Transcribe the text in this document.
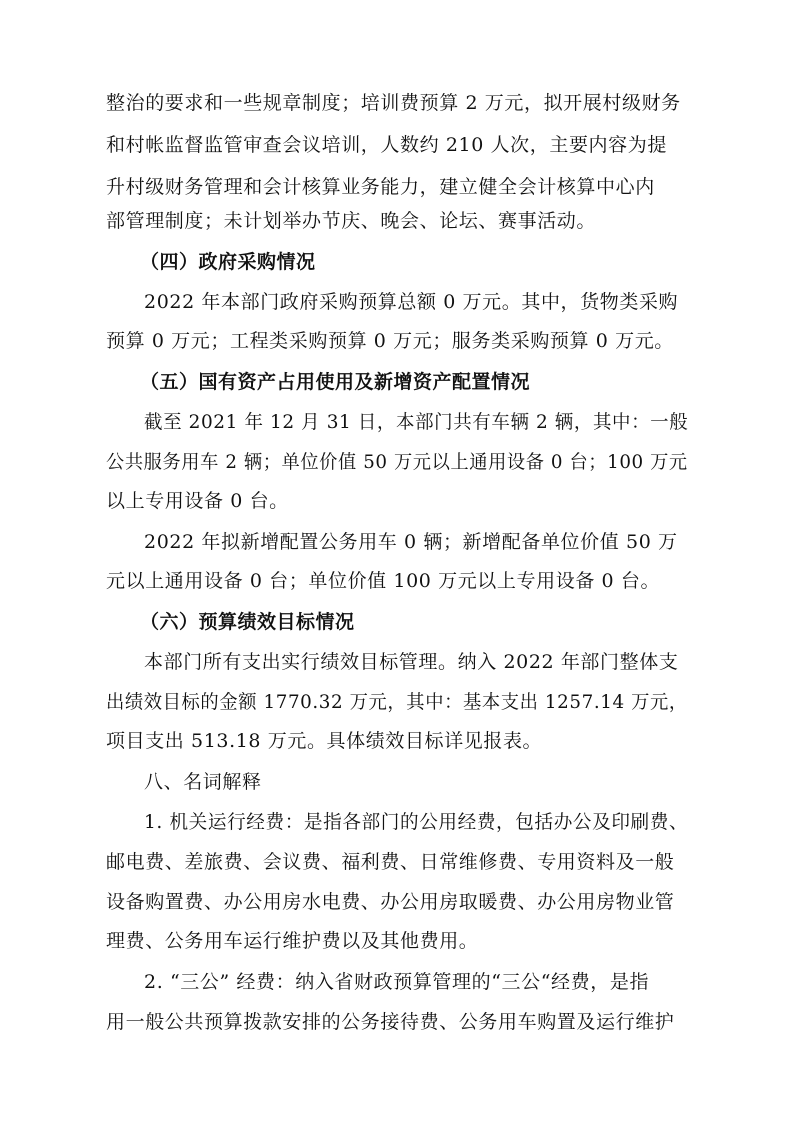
整治的要求和一些规章制度；培训费预算 2 万元，拟开展村级财务
和村帐监督监管审查会议培训，人数约 210 人次，主要内容为提
升村级财务管理和会计核算业务能力，建立健全会计核算中心内
部管理制度；未计划举办节庆、晚会、论坛、赛事活动。
（四）政府采购情况
2022 年本部门政府采购预算总额 0 万元。其中，货物类采购
预算 0 万元；工程类采购预算 0 万元；服务类采购预算 0 万元。
（五）国有资产占用使用及新增资产配置情况
截至 2021 年 12 月 31 日，本部门共有车辆 2 辆，其中：一般
公共服务用车 2 辆；单位价值 50 万元以上通用设备 0 台；100 万元
以上专用设备 0 台。
2022 年拟新增配置公务用车 0 辆；新增配备单位价值 50 万
元以上通用设备 0 台；单位价值 100 万元以上专用设备 0 台。
（六）预算绩效目标情况
本部门所有支出实行绩效目标管理。纳入 2022 年部门整体支
出绩效目标的金额 1770.32 万元，其中：基本支出 1257.14 万元，
项目支出 513.18 万元。具体绩效目标详见报表。
八、名词解释
1. 机关运行经费：是指各部门的公用经费，包括办公及印刷费、
邮电费、差旅费、会议费、福利费、日常维修费、专用资料及一般
设备购置费、办公用房水电费、办公用房取暖费、办公用房物业管
理费、公务用车运行维护费以及其他费用。
2. “三公” 经费：纳入省财政预算管理的“三公“经费，是指
用一般公共预算拨款安排的公务接待费、公务用车购置及运行维护
